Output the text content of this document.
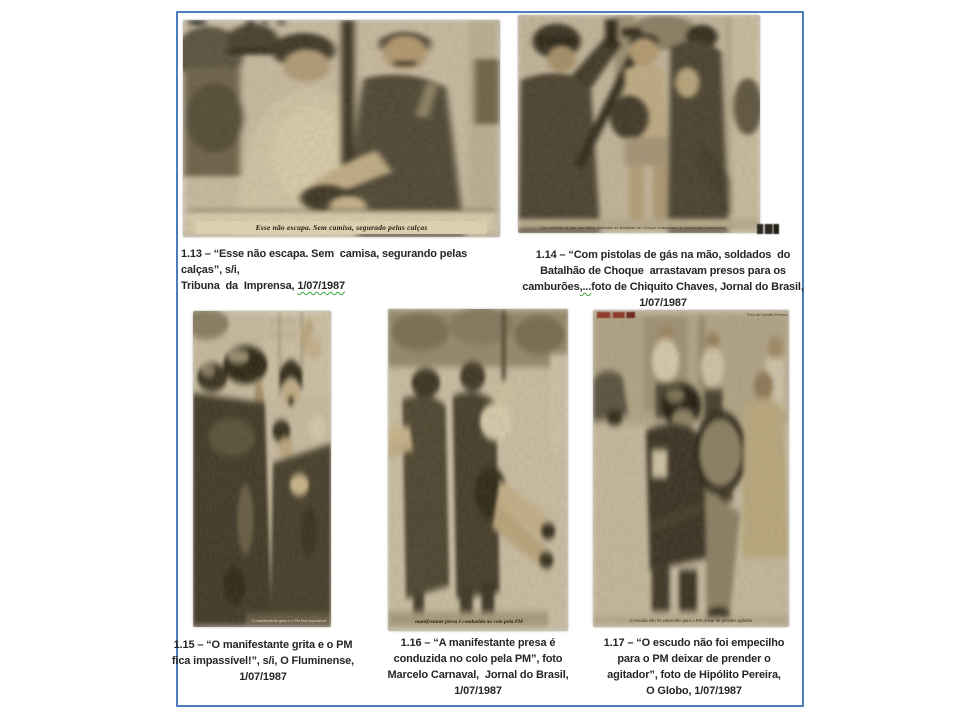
Esse não escapa. Sem camisa, segurado pelas calças	Com pistolas de gás nas mãos, soldados do Batalhão de Choque arrastavam os presos para camburões
O manifestante grita e o PM fica impassível	manifestante presa é conduzida no colo pela PM
Foto de Hipólito Pereira
O escudo não foi empecilho para o PM deixar de prender agitador
1.13 – “Esse não escapa. Sem  camisa, segurando pelas calças”, s/i,
Tribuna  da  Imprensa, 1/07/1987
1.14 – “Com pistolas de gás na mão, soldados  do
Batalhão de Choque  arrastavam presos para os
camburões,...foto de Chiquito Chaves, Jornal do Brasil,
1/07/1987
1.15 – “O manifestante grita e o PM
fica impassível!”, s/i, O Fluminense,
1/07/1987
1.16 – “A manifestante presa é
conduzida no colo pela PM”, foto
Marcelo Carnaval,  Jornal do Brasil,
1/07/1987
1.17 – “O escudo não foi empecilho
para o PM deixar de prender o
agitador”, foto de Hipólito Pereira,
O Globo, 1/07/1987
